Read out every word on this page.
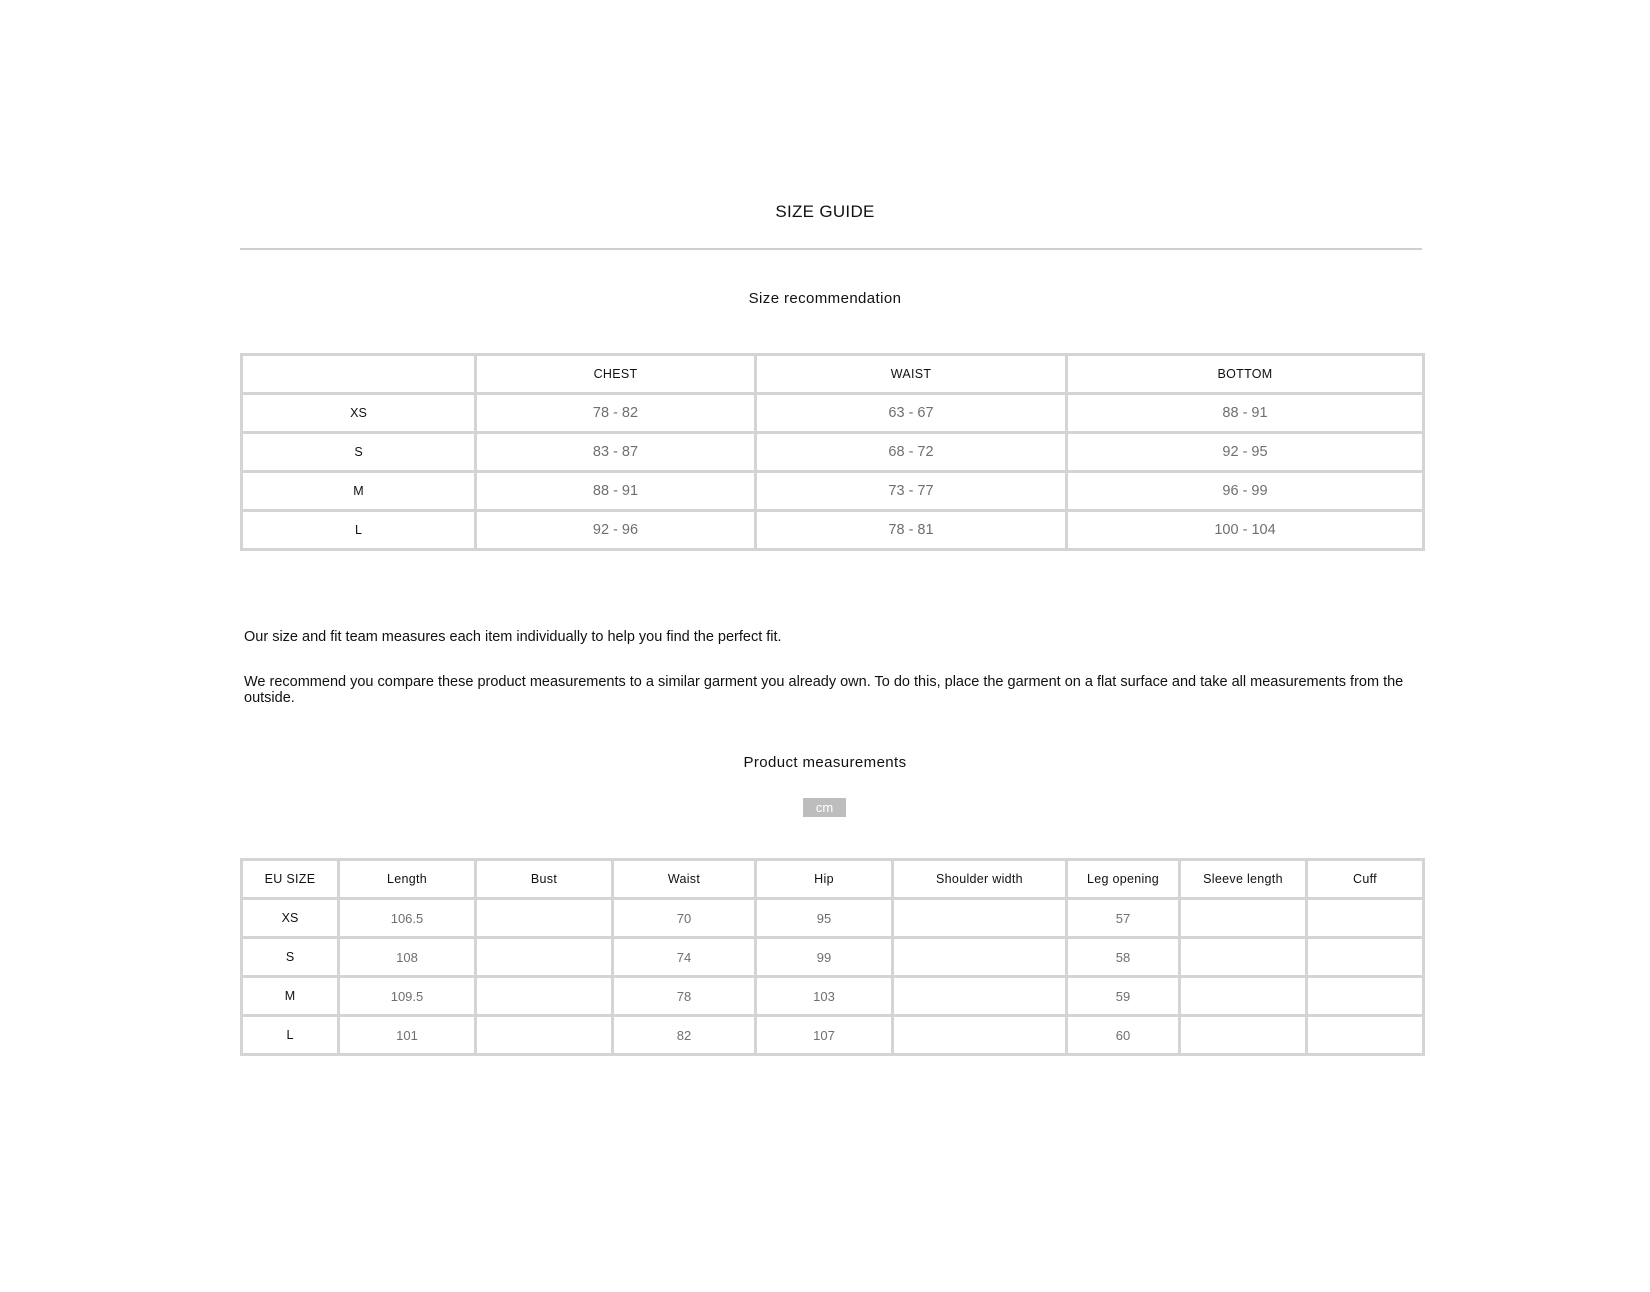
SIZE GUIDE
Size recommendation
	CHEST	WAIST	BOTTOM
XS	78 - 82	63 - 67	88 - 91
S	83 - 87	68 - 72	92 - 95
M	88 - 91	73 - 77	96 - 99
L	92 - 96	78 - 81	100 - 104
Our size and fit team measures each item individually to help you find the perfect fit.
We recommend you compare these product measurements to a similar garment you already own. To do this, place the garment on a flat surface and take all measurements from the outside.
Product measurements
cm
EU SIZE	Length	Bust	Waist	Hip	Shoulder width	Leg opening	Sleeve length	Cuff
XS	106.5		70	95		57		
S	108		74	99		58		
M	109.5		78	103		59		
L	101		82	107		60		
